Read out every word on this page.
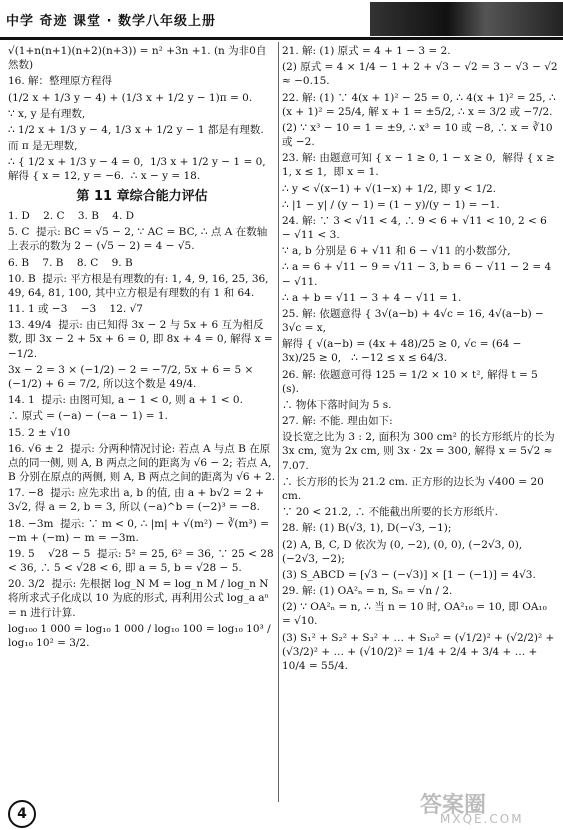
中学 奇迹 课堂 · 数学八年级上册
√(1+n(n+1)(n+2)(n+3)) = n² +3n +1. (n 为非0自然数)
16. 解：整理原方程得
(1/2 x + 1/3 y − 4) + (1/3 x + 1/2 y − 1)π = 0.
∵ x, y 是有理数,
∴ 1/2 x + 1/3 y − 4, 1/3 x + 1/2 y − 1 都是有理数.
而 π 是无理数,
∴ { 1/2 x + 1/3 y − 4 = 0,  1/3 x + 1/2 y − 1 = 0,   解得 { x = 12, y = −6.  ∴ x − y = 18.
第 11 章综合能力评估
1. D    2. C    3. B    4. D
5. C  提示: BC = √5 − 2, ∵ AC = BC, ∴ 点 A 在数轴上表示的数为 2 − (√5 − 2) = 4 − √5.
6. B    7. B    8. C    9. B
10. B  提示: 平方根是有理数的有: 1, 4, 9, 16, 25, 36, 49, 64, 81, 100, 其中立方根是有理数的有 1 和 64.
11. 1 或 −3    −3    12. √7
13. 49/4  提示: 由已知得 3x − 2 与 5x + 6 互为相反数, 即 3x − 2 + 5x + 6 = 0, 即 8x + 4 = 0, 解得 x = −1/2.
3x − 2 = 3 × (−1/2) − 2 = −7/2, 5x + 6 = 5 × (−1/2) + 6 = 7/2, 所以这个数是 49/4.
14. 1  提示: 由图可知, a − 1 < 0, 则 a + 1 < 0.
∴ 原式 = (−a) − (−a − 1) = 1.
15. 2 ± √10
16. √6 ± 2  提示: 分两种情况讨论: 若点 A 与点 B 在原点的同一侧, 则 A, B 两点之间的距离为 √6 − 2; 若点 A, B 分别在原点的两侧, 则 A, B 两点之间的距离为 √6 + 2.
17. −8  提示: 应先求出 a, b 的值, 由 a + b√2 = 2 + 3√2, 得 a = 2, b = 3, 所以 (−a)^b = (−2)³ = −8.
18. −3m  提示: ∵ m < 0, ∴ |m| + √(m²) − ∛(m³) = −m + (−m) − m = −3m.
19. 5    √28 − 5  提示: 5² = 25, 6² = 36, ∵ 25 < 28 < 36, ∴ 5 < √28 < 6, 即 a = 5, b = √28 − 5.
20. 3/2  提示: 先根据 log_N M = log_n M / log_n N 将所求式子化成以 10 为底的形式, 再利用公式 log_a aⁿ = n 进行计算.
log₁₀₀ 1 000 = log₁₀ 1 000 / log₁₀ 100 = log₁₀ 10³ / log₁₀ 10² = 3/2.
21. 解: (1) 原式 = 4 + 1 − 3 = 2.
(2) 原式 = 4 × 1/4 − 1 + 2 + √3 − √2 = 3 − √3 − √2 ≈ −0.15.
22. 解: (1) ∵ 4(x + 1)² − 25 = 0, ∴ 4(x + 1)² = 25, ∴ (x + 1)² = 25/4, 解 x + 1 = ±5/2, ∴ x = 3/2 或 −7/2.
(2) ∵ x³ − 10 = 1 = ±9, ∴ x³ = 10 或 −8, ∴ x = ∛10 或 −2.
23. 解: 由题意可知 { x − 1 ≥ 0, 1 − x ≥ 0,  解得 { x ≥ 1, x ≤ 1,  即 x = 1.
∴ y < √(x−1) + √(1−x) + 1/2, 即 y < 1/2.
∴ |1 − y| / (y − 1) = (1 − y)/(y − 1) = −1.
24. 解: ∵ 3 < √11 < 4, ∴ 9 < 6 + √11 < 10, 2 < 6 − √11 < 3.
∵ a, b 分别是 6 + √11 和 6 − √11 的小数部分,
∴ a = 6 + √11 − 9 = √11 − 3, b = 6 − √11 − 2 = 4 − √11.
∴ a + b = √11 − 3 + 4 − √11 = 1.
25. 解: 依题意得 { 3√(a−b) + 4√c = 16, 4√(a−b) − 3√c = x,
解得 { √(a−b) = (4x + 48)/25 ≥ 0, √c = (64 − 3x)/25 ≥ 0,   ∴ −12 ≤ x ≤ 64/3.
26. 解: 依题意可得 125 = 1/2 × 10 × t², 解得 t = 5 (s).
∴ 物体下落时间为 5 s.
27. 解: 不能. 理由如下:
设长宽之比为 3 : 2, 面积为 300 cm² 的长方形纸片的长为 3x cm, 宽为 2x cm, 则 3x · 2x = 300, 解得 x = 5√2 ≈ 7.07.
∴ 长方形的长为 21.2 cm. 正方形的边长为 √400 = 20 cm.
∵ 20 < 21.2, ∴ 不能截出所要的长方形纸片.
28. 解: (1) B(√3, 1), D(−√3, −1);
(2) A, B, C, D 依次为 (0, −2), (0, 0), (−2√3, 0), (−2√3, −2);
(3) S_ABCD = [√3 − (−√3)] × [1 − (−1)] = 4√3.
29. 解: (1) OA²ₙ = n, Sₙ = √n / 2.
(2) ∵ OA²ₙ = n, ∴ 当 n = 10 时, OA²₁₀ = 10, 即 OA₁₀ = √10.
(3) S₁² + S₂² + S₃² + … + S₁₀² = (√1/2)² + (√2/2)² + (√3/2)² + … + (√10/2)² = 1/4 + 2/4 + 3/4 + … + 10/4 = 55/4.
4	答案圈
MXQE.COM
